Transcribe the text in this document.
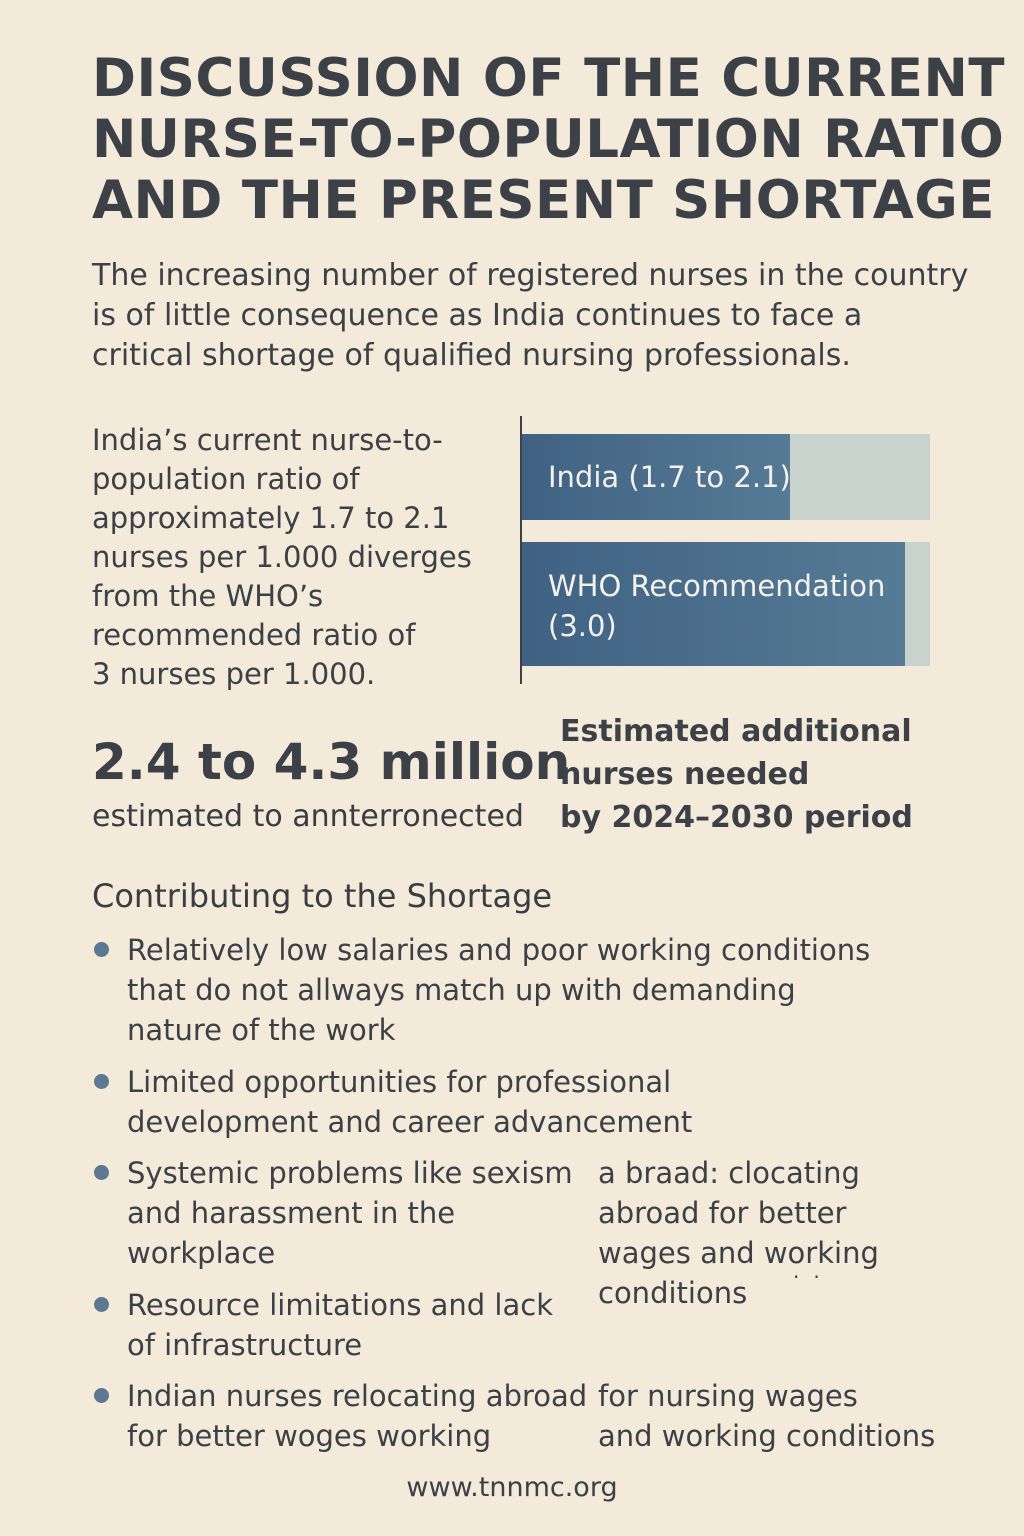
DISCUSSION OF THE CURRENT
NURSE-TO-POPULATION RATIO
AND THE PRESENT SHORTAGE
The increasing number of registered nurses in the country
is of little consequence as India continues to face a
critical shortage of qualified nursing professionals.
India’s current nurse-to-
population ratio of
approximately 1.7 to 2.1
nurses per 1.000 diverges
from the WHO’s
recommended ratio of
3 nurses per 1.000.
India (1.7 to 2.1)
WHO Recommendation
(3.0)
2.4 to 4.3 million
estimated to annterronected
Estimated additional
nurses needed
by 2024–2030 period
Contributing to the Shortage
Relatively low salaries and poor working conditions
that do not allways match up with demanding
nature of the work
Limited opportunities for professional
development and career advancement
Systemic problems like sexism
and harassment in the
workplace
Resource limitations and lack
of infrastructure
Indian nurses relocating abroad
for better woges working
a braad: clocating
abroad for better
wages and working
conditions	··
for nursing wages
and working conditions
www.tnnmc.org
